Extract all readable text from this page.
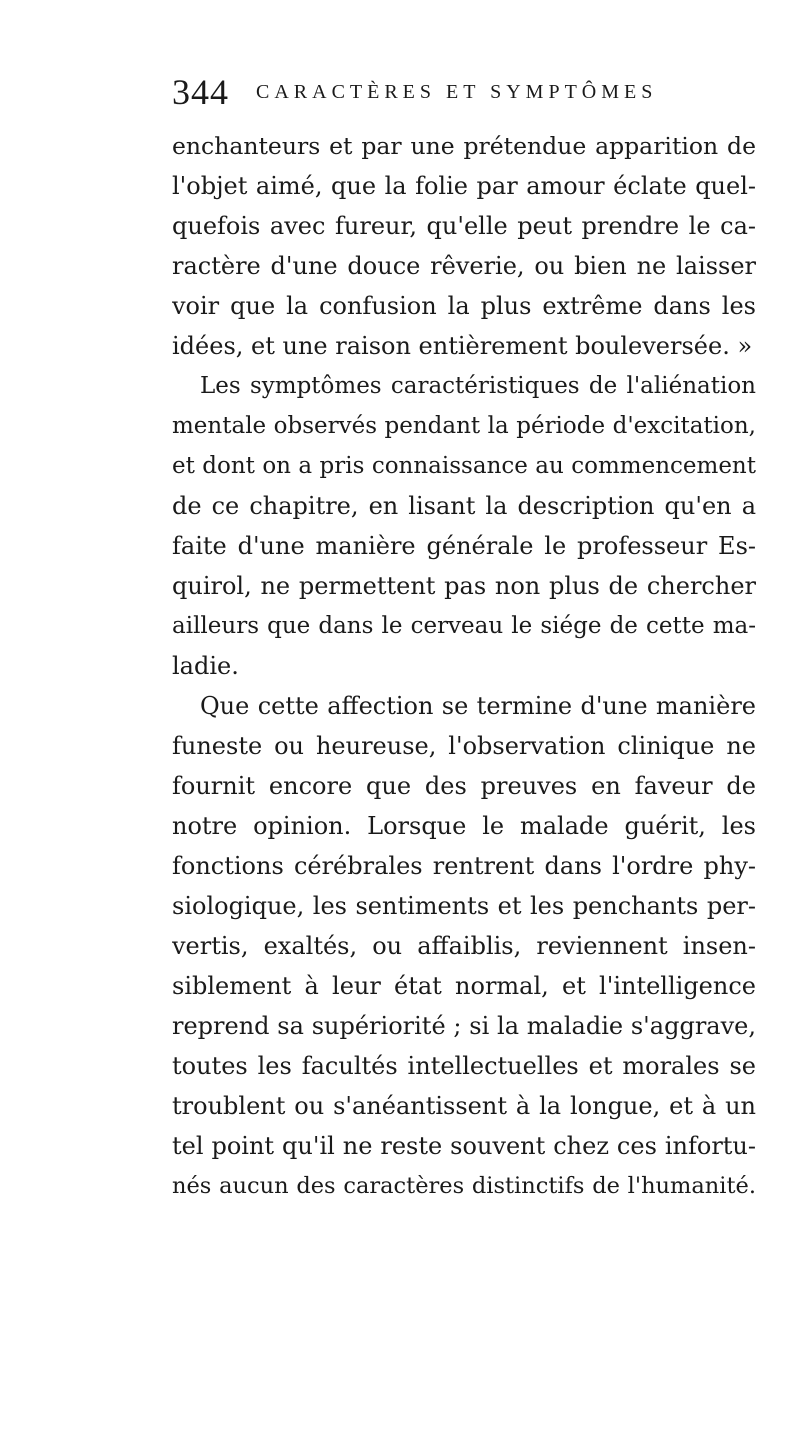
344 CARACTÈRES ET SYMPTÔMES
enchanteurs et par une prétendue apparition de
l'objet aimé, que la folie par amour éclate quel-
quefois avec fureur, qu'elle peut prendre le ca-
ractère d'une douce rêverie, ou bien ne laisser
voir que la confusion la plus extrême dans les
idées, et une raison entièrement bouleversée. »
Les symptômes caractéristiques de l'aliénation
mentale observés pendant la période d'excitation,
et dont on a pris connaissance au commencement
de ce chapitre, en lisant la description qu'en a
faite d'une manière générale le professeur Es-
quirol, ne permettent pas non plus de chercher
ailleurs que dans le cerveau le siége de cette ma-
ladie.
Que cette affection se termine d'une manière
funeste ou heureuse, l'observation clinique ne
fournit encore que des preuves en faveur de
notre opinion. Lorsque le malade guérit, les
fonctions cérébrales rentrent dans l'ordre phy-
siologique, les sentiments et les penchants per-
vertis, exaltés, ou affaiblis, reviennent insen-
siblement à leur état normal, et l'intelligence
reprend sa supériorité ; si la maladie s'aggrave,
toutes les facultés intellectuelles et morales se
troublent ou s'anéantissent à la longue, et à un
tel point qu'il ne reste souvent chez ces infortu-
nés aucun des caractères distinctifs de l'humanité.
